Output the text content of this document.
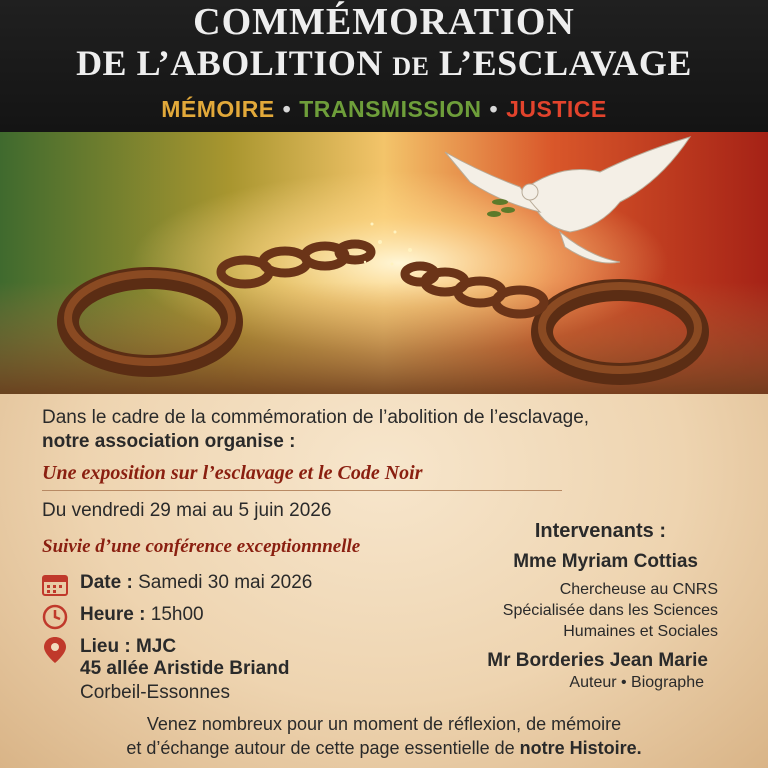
COMMÉMORATION
DE L’ABOLITION DE L’ESCLAVAGE
MÉMOIRE • TRANSMISSION • JUSTICE
Dans le cadre de la commémoration de l’abolition de l’esclavage,
notre association organise :
Une exposition sur l’esclavage et le Code Noir
Du vendredi 29 mai au 5 juin 2026
Suivie d’une conférence exceptionnnelle
Date : Samedi 30 mai 2026
Heure : 15h00
Lieu : MJC
45 allée Aristide Briand
Corbeil-Essonnes
Intervenants :
Mme Myriam Cottias
Chercheuse au CNRS
Spécialisée dans les Sciences
Humaines et Sociales
Mr Borderies Jean Marie
Auteur • Biographe
Venez nombreux pour un moment de réflexion, de mémoire
et d’échange autour de cette page essentielle de notre Histoire.
